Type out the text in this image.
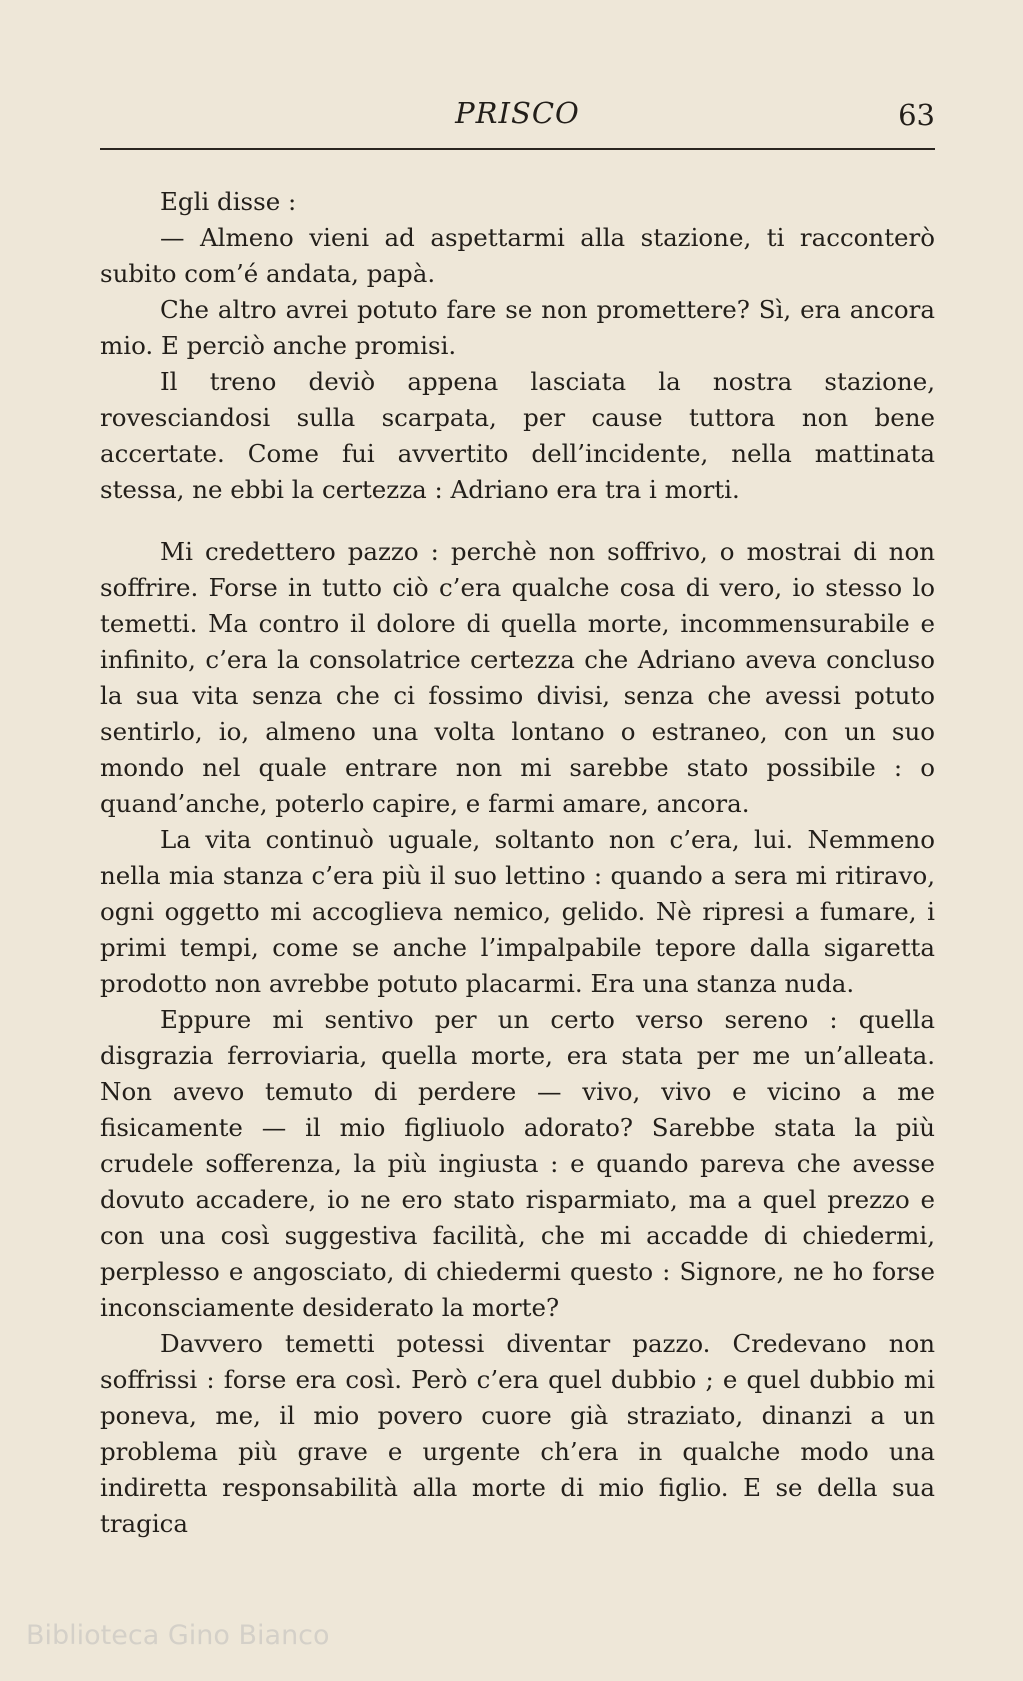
PRISCO	63

Egli disse :

— Almeno vieni ad aspettarmi alla stazione, ti racconterò subito com’é andata, papà.

Che altro avrei potuto fare se non promettere? Sì, era ancora mio. E perciò anche promisi.

Il treno deviò appena lasciata la nostra stazione, rovesciandosi sulla scarpata, per cause tuttora non bene accertate. Come fui avvertito dell’incidente, nella mattinata stessa, ne ebbi la certezza : Adriano era tra i morti.

Mi credettero pazzo : perchè non soffrivo, o mostrai di non soffrire. Forse in tutto ciò c’era qualche cosa di vero, io stesso lo temetti. Ma contro il dolore di quella morte, incommensurabile e infinito, c’era la consolatrice certezza che Adriano aveva concluso la sua vita senza che ci fossimo divisi, senza che avessi potuto sentirlo, io, almeno una volta lontano o estraneo, con un suo mondo nel quale entrare non mi sarebbe stato possibile : o quand’anche, poterlo capire, e farmi amare, ancora.

La vita continuò uguale, soltanto non c’era, lui. Nemmeno nella mia stanza c’era più il suo lettino : quando a sera mi ritiravo, ogni oggetto mi accoglieva nemico, gelido. Nè ripresi a fumare, i primi tempi, come se anche l’impalpabile tepore dalla sigaretta prodotto non avrebbe potuto placarmi. Era una stanza nuda.

Eppure mi sentivo per un certo verso sereno : quella disgrazia ferroviaria, quella morte, era stata per me un’alleata. Non avevo temuto di perdere — vivo, vivo e vicino a me fisicamente — il mio figliuolo adorato? Sarebbe stata la più crudele sofferenza, la più ingiusta : e quando pareva che avesse dovuto accadere, io ne ero stato risparmiato, ma a quel prezzo e con una così suggestiva facilità, che mi accadde di chiedermi, perplesso e angosciato, di chiedermi questo : Signore, ne ho forse inconsciamente desiderato la morte?

Davvero temetti potessi diventar pazzo. Credevano non soffrissi : forse era così. Però c’era quel dubbio ; e quel dubbio mi poneva, me, il mio povero cuore già straziato, dinanzi a un problema più grave e urgente ch’era in qualche modo una indiretta responsabilità alla morte di mio figlio. E se della sua tragica

Biblioteca Gino Bianco
